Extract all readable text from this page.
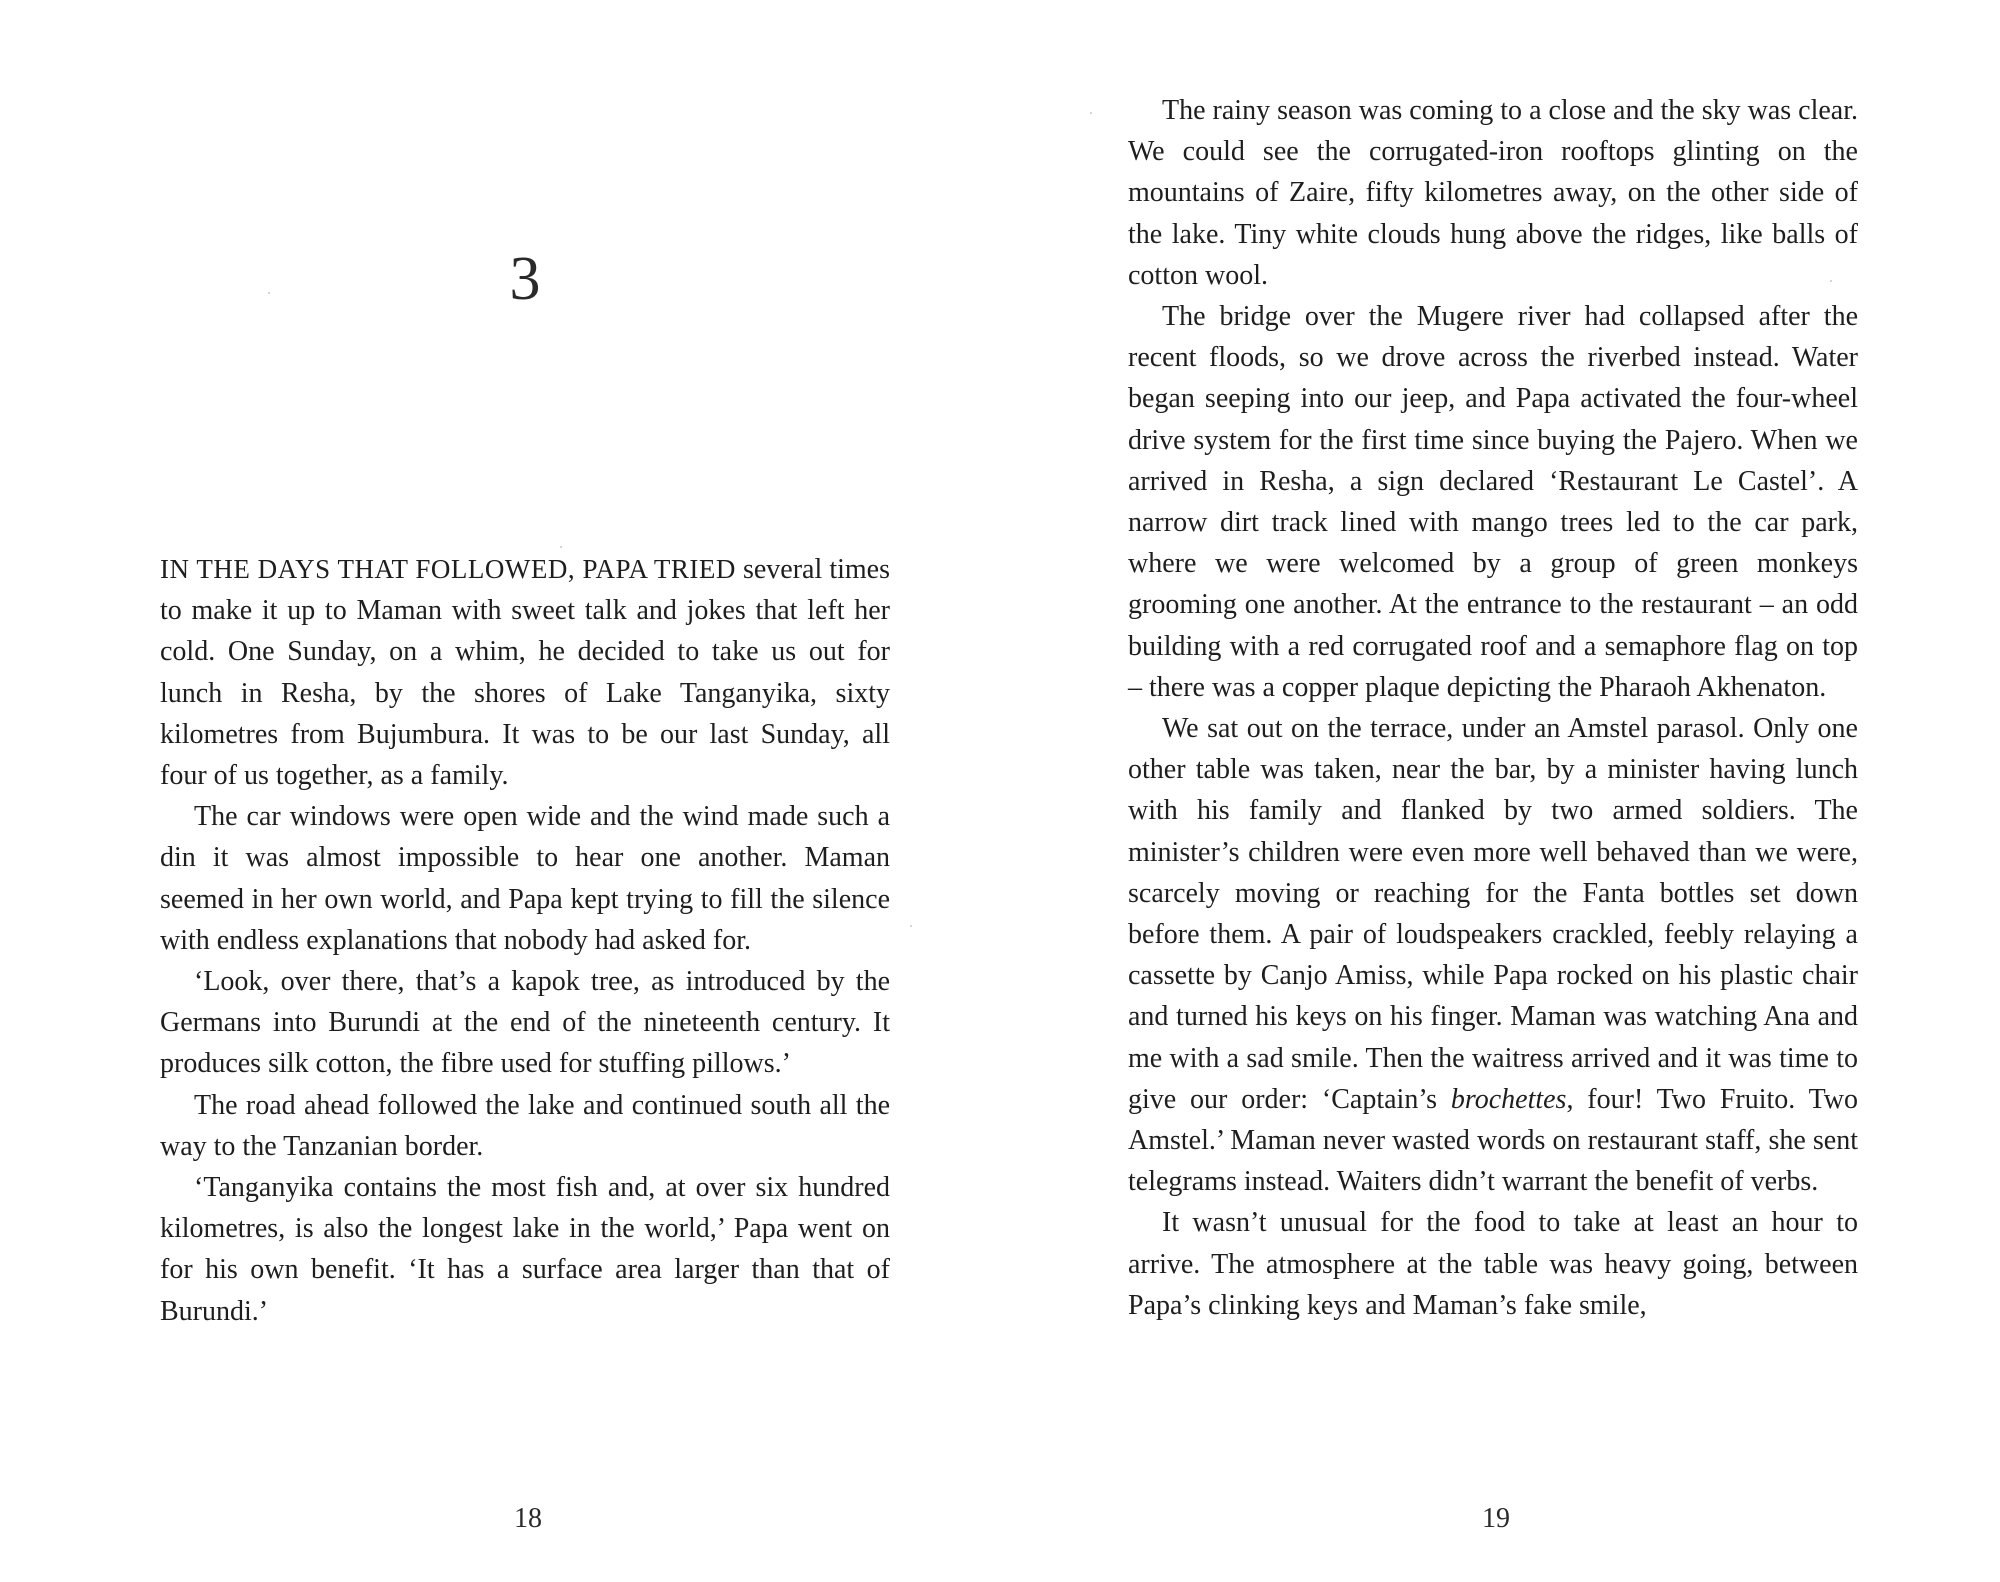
3

IN THE DAYS THAT FOLLOWED, PAPA TRIED several times to make it up to Maman with sweet talk and jokes that left her cold. One Sunday, on a whim, he decided to take us out for lunch in Resha, by the shores of Lake Tanganyika, sixty kilometres from Bujumbura. It was to be our last Sunday, all four of us together, as a family.

The car windows were open wide and the wind made such a din it was almost impossible to hear one another. Maman seemed in her own world, and Papa kept trying to fill the silence with endless explanations that nobody had asked for.

‘Look, over there, that’s a kapok tree, as introduced by the Germans into Burundi at the end of the nineteenth century. It produces silk cotton, the fibre used for stuffing pillows.’

The road ahead followed the lake and continued south all the way to the Tanzanian border.

‘Tanganyika contains the most fish and, at over six hundred kilometres, is also the longest lake in the world,’ Papa went on for his own benefit. ‘It has a surface area larger than that of Burundi.’

18

The rainy season was coming to a close and the sky was clear. We could see the corrugated-iron rooftops glinting on the mountains of Zaire, fifty kilometres away, on the other side of the lake. Tiny white clouds hung above the ridges, like balls of cotton wool.

The bridge over the Mugere river had collapsed after the recent floods, so we drove across the riverbed instead. Water began seeping into our jeep, and Papa activated the four-wheel drive system for the first time since buying the Pajero. When we arrived in Resha, a sign declared ‘Restaurant Le Castel’. A narrow dirt track lined with mango trees led to the car park, where we were welcomed by a group of green monkeys grooming one another. At the entrance to the restaurant – an odd building with a red corrugated roof and a semaphore flag on top – there was a copper plaque depicting the Pharaoh Akhenaton.

We sat out on the terrace, under an Amstel parasol. Only one other table was taken, near the bar, by a minister having lunch with his family and flanked by two armed soldiers. The minister’s children were even more well behaved than we were, scarcely moving or reaching for the Fanta bottles set down before them. A pair of loudspeakers crackled, feebly relaying a cassette by Canjo Amiss, while Papa rocked on his plastic chair and turned his keys on his finger. Maman was watching Ana and me with a sad smile. Then the waitress arrived and it was time to give our order: ‘Captain’s brochettes, four! Two Fruito. Two Amstel.’ Maman never wasted words on restaurant staff, she sent telegrams instead. Waiters didn’t warrant the benefit of verbs.

It wasn’t unusual for the food to take at least an hour to arrive. The atmosphere at the table was heavy going, between Papa’s clinking keys and Maman’s fake smile,

19
